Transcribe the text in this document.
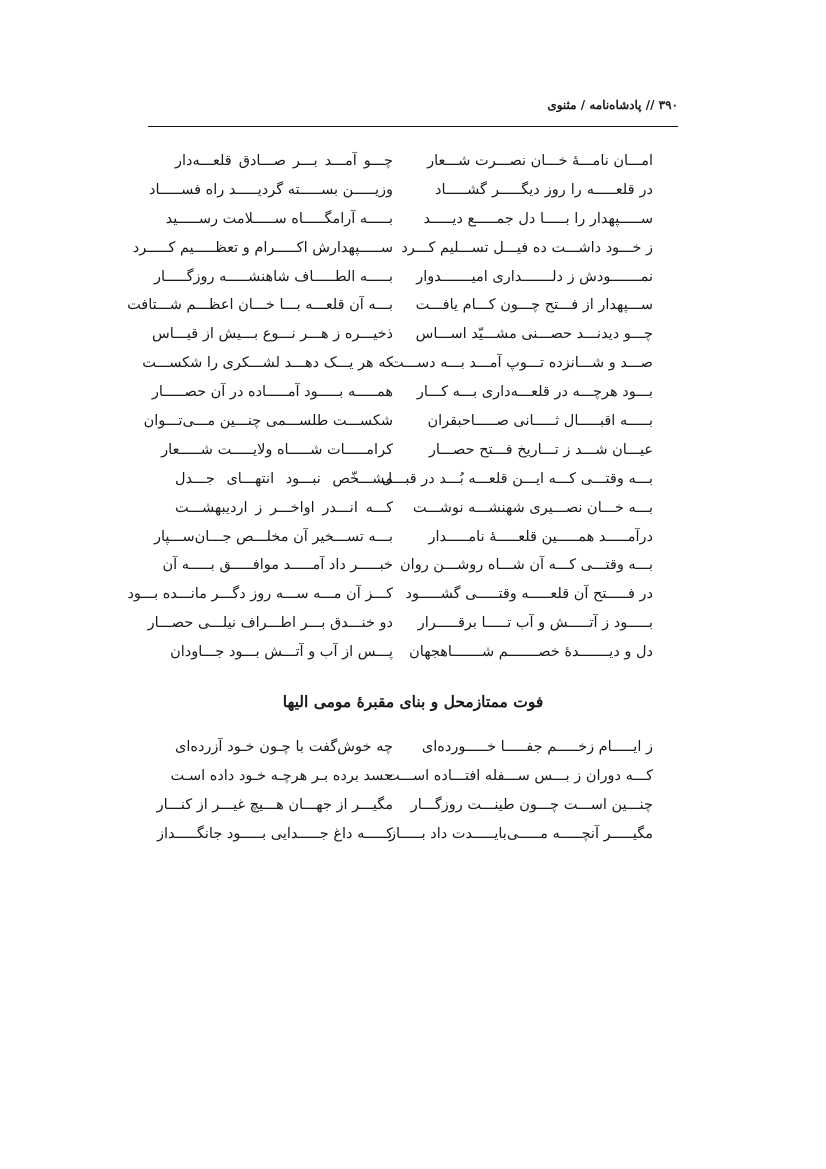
۳۹۰ // پادشاه‌نامه / مثنوی
امـــان نامـــهٔ خـــان نصـــرت شـــعار
چـــو آمـــد بـــر صـــادق قلعـــه‌دار
در قلعـــــه را روز دیگـــــر گشـــــاد
وزیـــــن بســـــته گردیـــــد راه فســـــاد
ســـــپهدار را بـــــا دل جمـــــع دیـــــد
بـــــه آرامگـــــاه ســـــلامت رســـــید
ز خـــود داشـــت ده فیـــل تســـلیم کـــرد
ســـــپهدارش اکـــــرام و تعظـــــیم کـــــرد
نمـــــــودش ز دلـــــــداری امیـــــــدوار
بـــــه الطـــــاف شاهنشـــــه روزگـــــار
ســـپهدار از فـــتح چـــون کـــام یافـــت
بـــه آن قلعـــه بـــا خـــان اعظـــم شـــتافت
چـــو دیدنـــد حصـــنی مشـــیّد اســـاس
ذخیـــره ز هـــر نـــوع بـــیش از قیـــاس
صـــد و شـــانزده تـــوپ آمـــد بـــه دســـت
که هر یـــک دهـــد لشـــکری را شکســـت
بـــود هرچـــه در قلعـــه‌داری بـــه کـــار
همـــــه بـــــود آمـــــاده در آن حصـــــار
بـــــه اقبـــــال ثـــــانی صـــــاحبقران
شکســـت طلســـمی چنـــین مـــی‌تـــوان
عیـــان شـــد ز تـــاریخ فـــتح حصـــار
کرامـــــات شـــــاه ولایـــــت شـــــعار
بـــه وقتـــی کـــه ایـــن قلعـــه بُـــد در قبـــل
مشـــخّص نبـــود انتهـــای جـــدل
بـــه خـــان نصـــیری شهنشـــه نوشـــت
کـــه انـــدر اواخـــر ز اردیبهشـــت
درآمـــــد همـــــین قلعـــــهٔ نامـــــدار
بـــه تســـخیر آن مخلـــص جـــان‌ســـپار
بـــه وقتـــی کـــه آن شـــاه روشـــن روان
خبـــــر داد آمـــــد موافـــــق بـــــه آن
در فـــــتح آن قلعـــــه وقتـــــی گشـــــود
کـــز آن مـــه ســـه روز دگـــر مانـــده بـــود
بـــــود ز آتـــــش و آب تـــــا برقـــــرار
دو خنـــدق بـــر اطـــراف نیلـــی حصـــار
دل و دیـــــــدهٔ خصـــــــم شـــــــاهجهان
پـــس از آب و آتـــش بـــود جـــاودان
فوت ممتازمحل و بنای مقبرهٔ مومی الیها
ز ایـــــام زخـــــم جفـــــا خـــــورده‌ای
چه خوش‌گفت با چـون خـود آزرده‌ای
کـــه دوران ز بـــس ســـفله افتـــاده اســـت
حسد برده بـر هرچـه خـود داده اسـت
چنـــین اســـت چـــون طینـــت روزگـــار
مگیـــر از جهـــان هـــیچ غیـــر از کنـــار
مگیـــــر آنچـــــه مـــــی‌بایـــــدت داد بـــــاز
کـــــه داغ جـــــدایی بـــــود جانگـــــداز
